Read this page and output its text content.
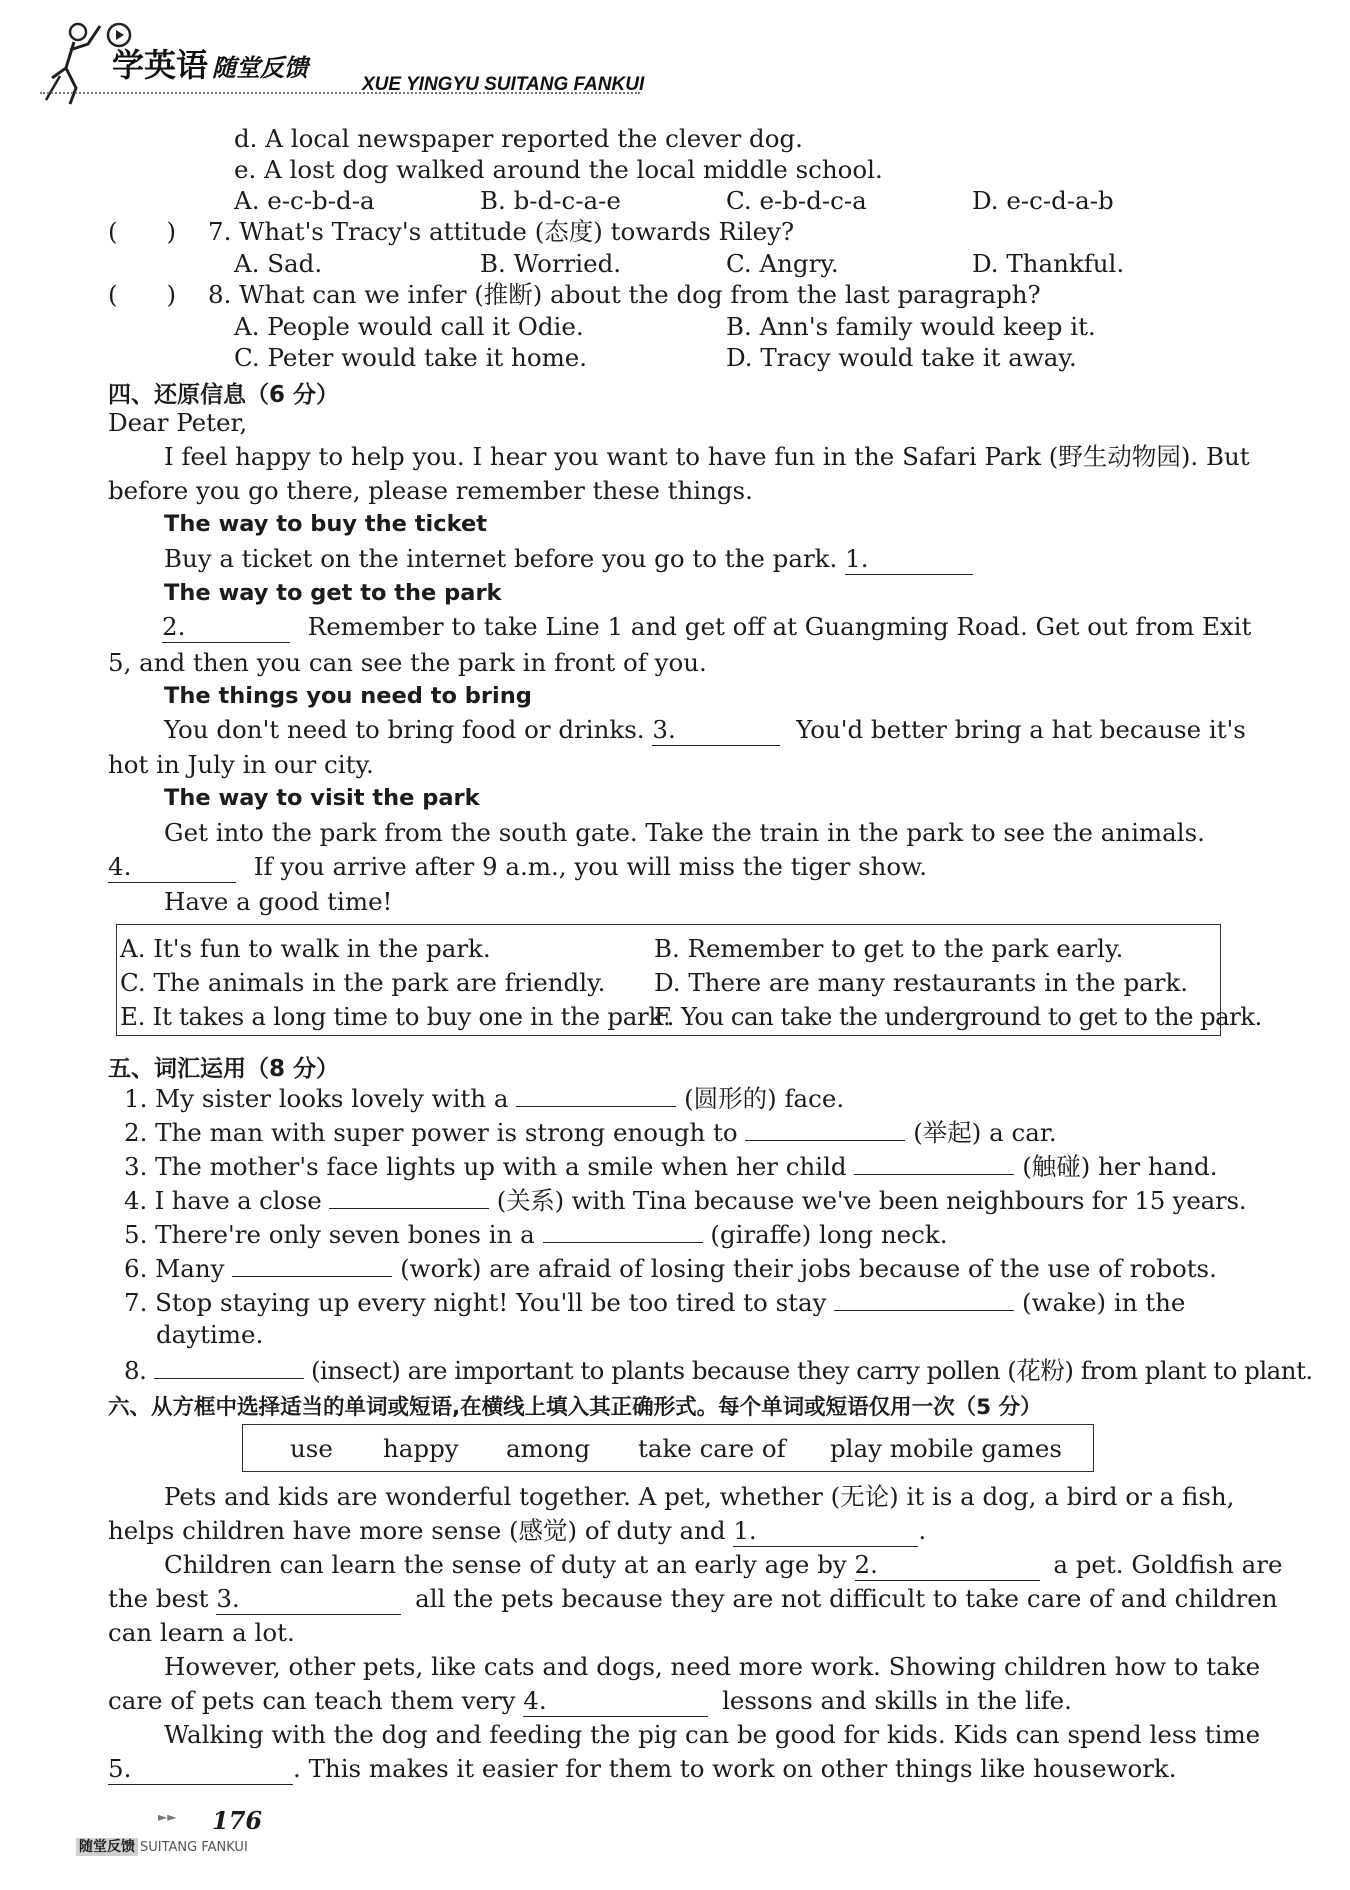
学英语 随堂反馈
XUE YINGYU SUITANG FANKUI
d. A local newspaper reported the clever dog.
e. A lost dog walked around the local middle school.
A. e-c-b-d-a	B. b-d-c-a-e	C. e-b-d-c-a	D. e-c-d-a-b
(　　) 7. What's Tracy's attitude (态度) towards Riley?
A. Sad.	B. Worried.	C. Angry.	D. Thankful.
(　　) 8. What can we infer (推断) about the dog from the last paragraph?
A. People would call it Odie.	B. Ann's family would keep it.
C. Peter would take it home.	D. Tracy would take it away.
四、还原信息（6 分）
Dear Peter,
I feel happy to help you. I hear you want to have fun in the Safari Park (野生动物园). But
before you go there, please remember these things.
The way to buy the ticket
Buy a ticket on the internet before you go to the park. 1.
The way to get to the park
2.	Remember to take Line 1 and get off at Guangming Road. Get out from Exit
5, and then you can see the park in front of you.
The things you need to bring
You don't need to bring food or drinks. 3.	You'd better bring a hat because it's
hot in July in our city.
The way to visit the park
Get into the park from the south gate. Take the train in the park to see the animals.
4.	If you arrive after 9 a.m., you will miss the tiger show.
Have a good time!
A. It's fun to walk in the park.	B. Remember to get to the park early.
C. The animals in the park are friendly. D. There are many restaurants in the park.
E. It takes a long time to buy one in the park.
F. You can take the underground to get to the park.
五、词汇运用（8 分）
1. My sister looks lovely with a	(圆形的) face.
2. The man with super power is strong enough to	(举起) a car.
3. The mother's face lights up with a smile when her child	(触碰) her hand.
4. I have a close	(关系) with Tina because we've been neighbours for 15 years.
5. There're only seven bones in a	(giraffe) long neck.
6. Many	(work) are afraid of losing their jobs because of the use of robots.
7. Stop staying up every night! You'll be too tired to stay	(wake) in the
daytime.
8.	(insect) are important to plants because they carry pollen (花粉) from plant to plant.
六、从方框中选择适当的单词或短语,在横线上填入其正确形式。每个单词或短语仅用一次（5 分）
use happy among take care of play mobile games
Pets and kids are wonderful together. A pet, whether (无论) it is a dog, a bird or a fish,
helps children have more sense (感觉) of duty and 1.	.
Children can learn the sense of duty at an early age by 2.	a pet. Goldfish are
the best 3.	all the pets because they are not difficult to take care of and children
can learn a lot.
However, other pets, like cats and dogs, need more work. Showing children how to take
care of pets can teach them very 4.	lessons and skills in the life.
Walking with the dog and feeding the pig can be good for kids. Kids can spend less time
5.	. This makes it easier for them to work on other things like housework.
►► 176
随堂反馈 SUITANG FANKUI
